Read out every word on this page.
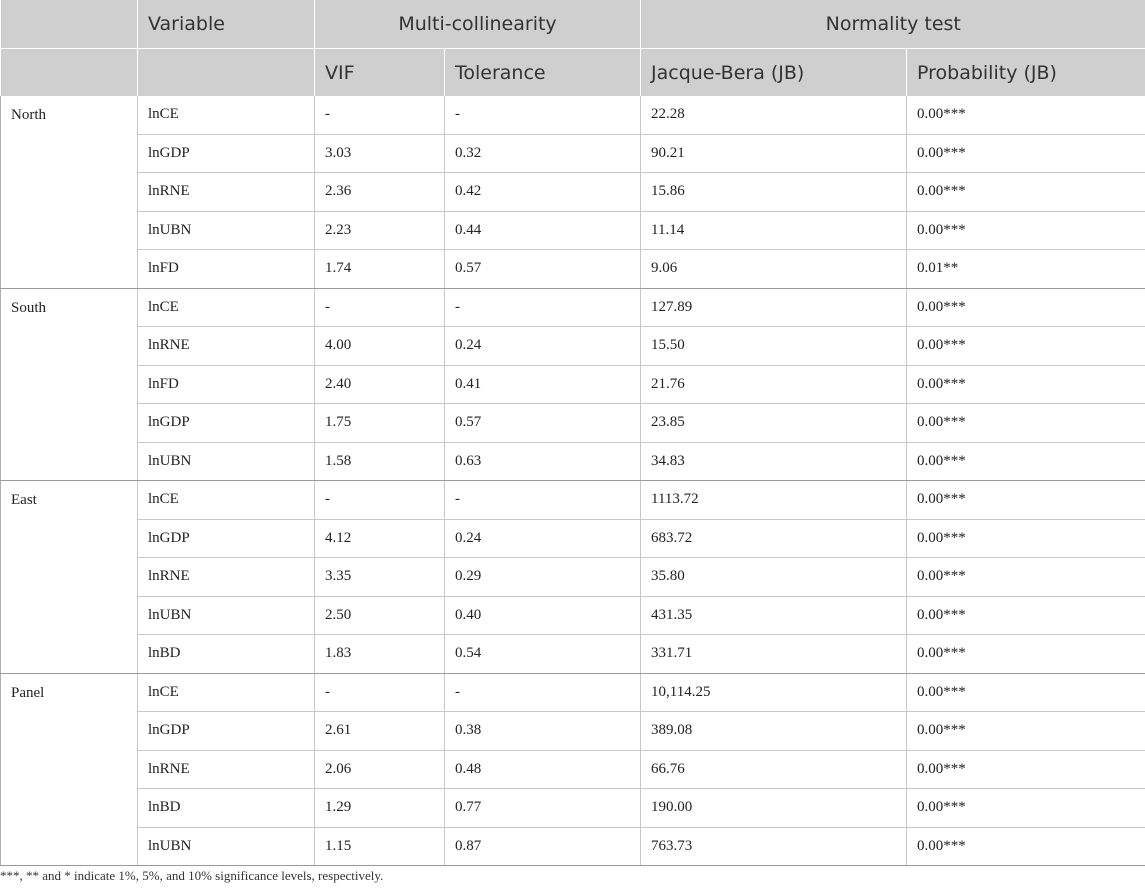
	Variable	Multi-collinearity		Normality test	
		VIF	Tolerance	Jacque-Bera (JB)	Probability (JB)
North	lnCE	-	-	22.28	0.00***
	lnGDP	3.03	0.32	90.21	0.00***
	lnRNE	2.36	0.42	15.86	0.00***
	lnUBN	2.23	0.44	11.14	0.00***
	lnFD	1.74	0.57	9.06	0.01**
South	lnCE	-	-	127.89	0.00***
	lnRNE	4.00	0.24	15.50	0.00***
	lnFD	2.40	0.41	21.76	0.00***
	lnGDP	1.75	0.57	23.85	0.00***
	lnUBN	1.58	0.63	34.83	0.00***
East	lnCE	-	-	1113.72	0.00***
	lnGDP	4.12	0.24	683.72	0.00***
	lnRNE	3.35	0.29	35.80	0.00***
	lnUBN	2.50	0.40	431.35	0.00***
	lnBD	1.83	0.54	331.71	0.00***
Panel	lnCE	-	-	10,114.25	0.00***
	lnGDP	2.61	0.38	389.08	0.00***
	lnRNE	2.06	0.48	66.76	0.00***
	lnBD	1.29	0.77	190.00	0.00***
	lnUBN	1.15	0.87	763.73	0.00***

***, ** and * indicate 1%, 5%, and 10% significance levels, respectively.
